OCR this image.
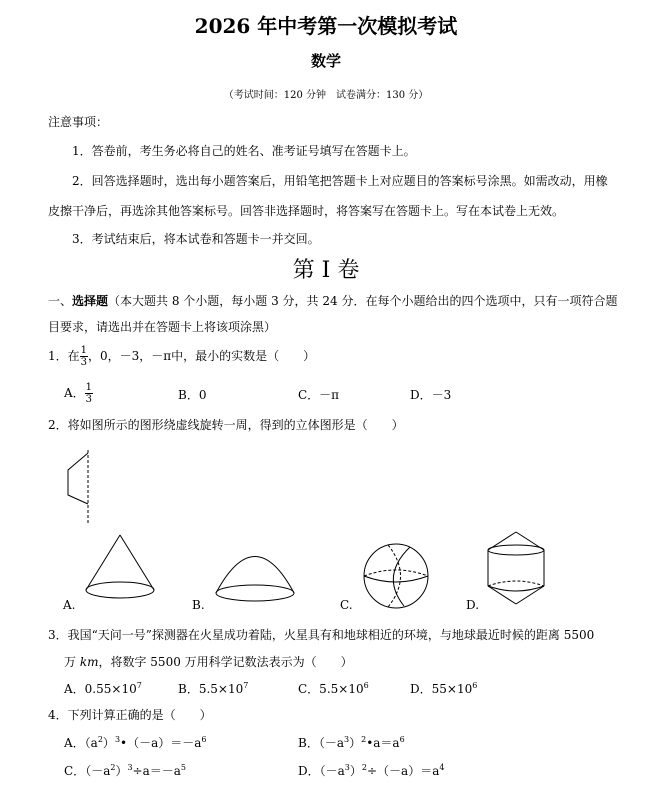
2026 年中考第一次模拟考试
数学
（考试时间：120 分钟　试卷满分：130 分）
注意事项：
1．答卷前，考生务必将自己的姓名、准考证号填写在答题卡上。
2．回答选择题时，选出每小题答案后，用铅笔把答题卡上对应题目的答案标号涂黑。如需改动，用橡
皮擦干净后，再选涂其他答案标号。回答非选择题时，将答案写在答题卡上。写在本试卷上无效。
3．考试结束后，将本试卷和答题卡一并交回。
第 I 卷
一、选择题（本大题共 8 个小题，每小题 3 分，共 24 分．在每个小题给出的四个选项中，只有一项符合题
目要求，请选出并在答题卡上将该项涂黑）
1．在 $\frac{1}{3}$ ，0，－3，－π中，最小的实数是（　　）
A． $\frac{1}{3}$	B．0	C．－π	D．－3
2．将如图所示的图形绕虚线旋转一周，得到的立体图形是（　　）
A.	B.	C.	D.
3．我国“天问一号”探测器在火星成功着陆，火星具有和地球相近的环境，与地球最近时候的距离 5500
万 km，将数字 5500 万用科学记数法表示为（　　）
A．$0.55\times 10^7$	B．$5.5\times 10^7$	C．$5.5\times 10^6$	D．$55\times 10^6$
4．下列计算正确的是（　　）
A．$(a^2)^3•(-a)=-a^6$	B．$(-a^3)^2•a=a^6$
C．$(-a^2)^3\div a=-a^5$	D．$(-a^3)^2\div(-a)=a^4$
